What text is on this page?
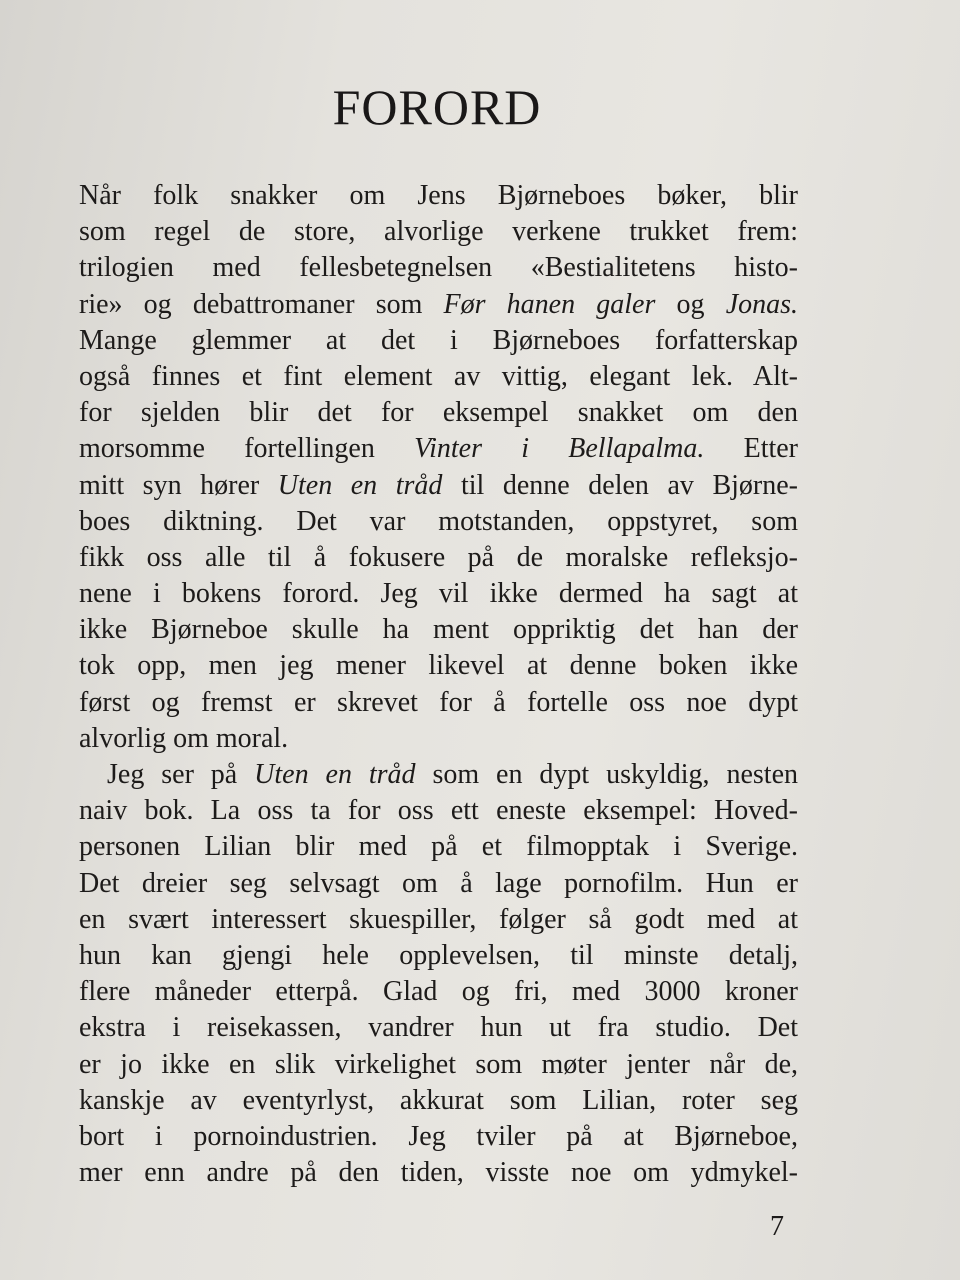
FORORD
Når folk snakker om Jens Bjørneboes bøker, blir
som regel de store, alvorlige verkene trukket frem:
trilogien med fellesbetegnelsen «Bestialitetens histo-
rie» og debattromaner som Før hanen galer og Jonas.
Mange glemmer at det i Bjørneboes forfatterskap
også finnes et fint element av vittig, elegant lek. Alt-
for sjelden blir det for eksempel snakket om den
morsomme fortellingen Vinter i Bellapalma. Etter
mitt syn hører Uten en tråd til denne delen av Bjørne-
boes diktning. Det var motstanden, oppstyret, som
fikk oss alle til å fokusere på de moralske refleksjo-
nene i bokens forord. Jeg vil ikke dermed ha sagt at
ikke Bjørneboe skulle ha ment oppriktig det han der
tok opp, men jeg mener likevel at denne boken ikke
først og fremst er skrevet for å fortelle oss noe dypt
alvorlig om moral.
Jeg ser på Uten en tråd som en dypt uskyldig, nesten
naiv bok. La oss ta for oss ett eneste eksempel: Hoved-
personen Lilian blir med på et filmopptak i Sverige.
Det dreier seg selvsagt om å lage pornofilm. Hun er
en svært interessert skuespiller, følger så godt med at
hun kan gjengi hele opplevelsen, til minste detalj,
flere måneder etterpå. Glad og fri, med 3000 kroner
ekstra i reisekassen, vandrer hun ut fra studio. Det
er jo ikke en slik virkelighet som møter jenter når de,
kanskje av eventyrlyst, akkurat som Lilian, roter seg
bort i pornoindustrien. Jeg tviler på at Bjørneboe,
mer enn andre på den tiden, visste noe om ydmykel-
7
